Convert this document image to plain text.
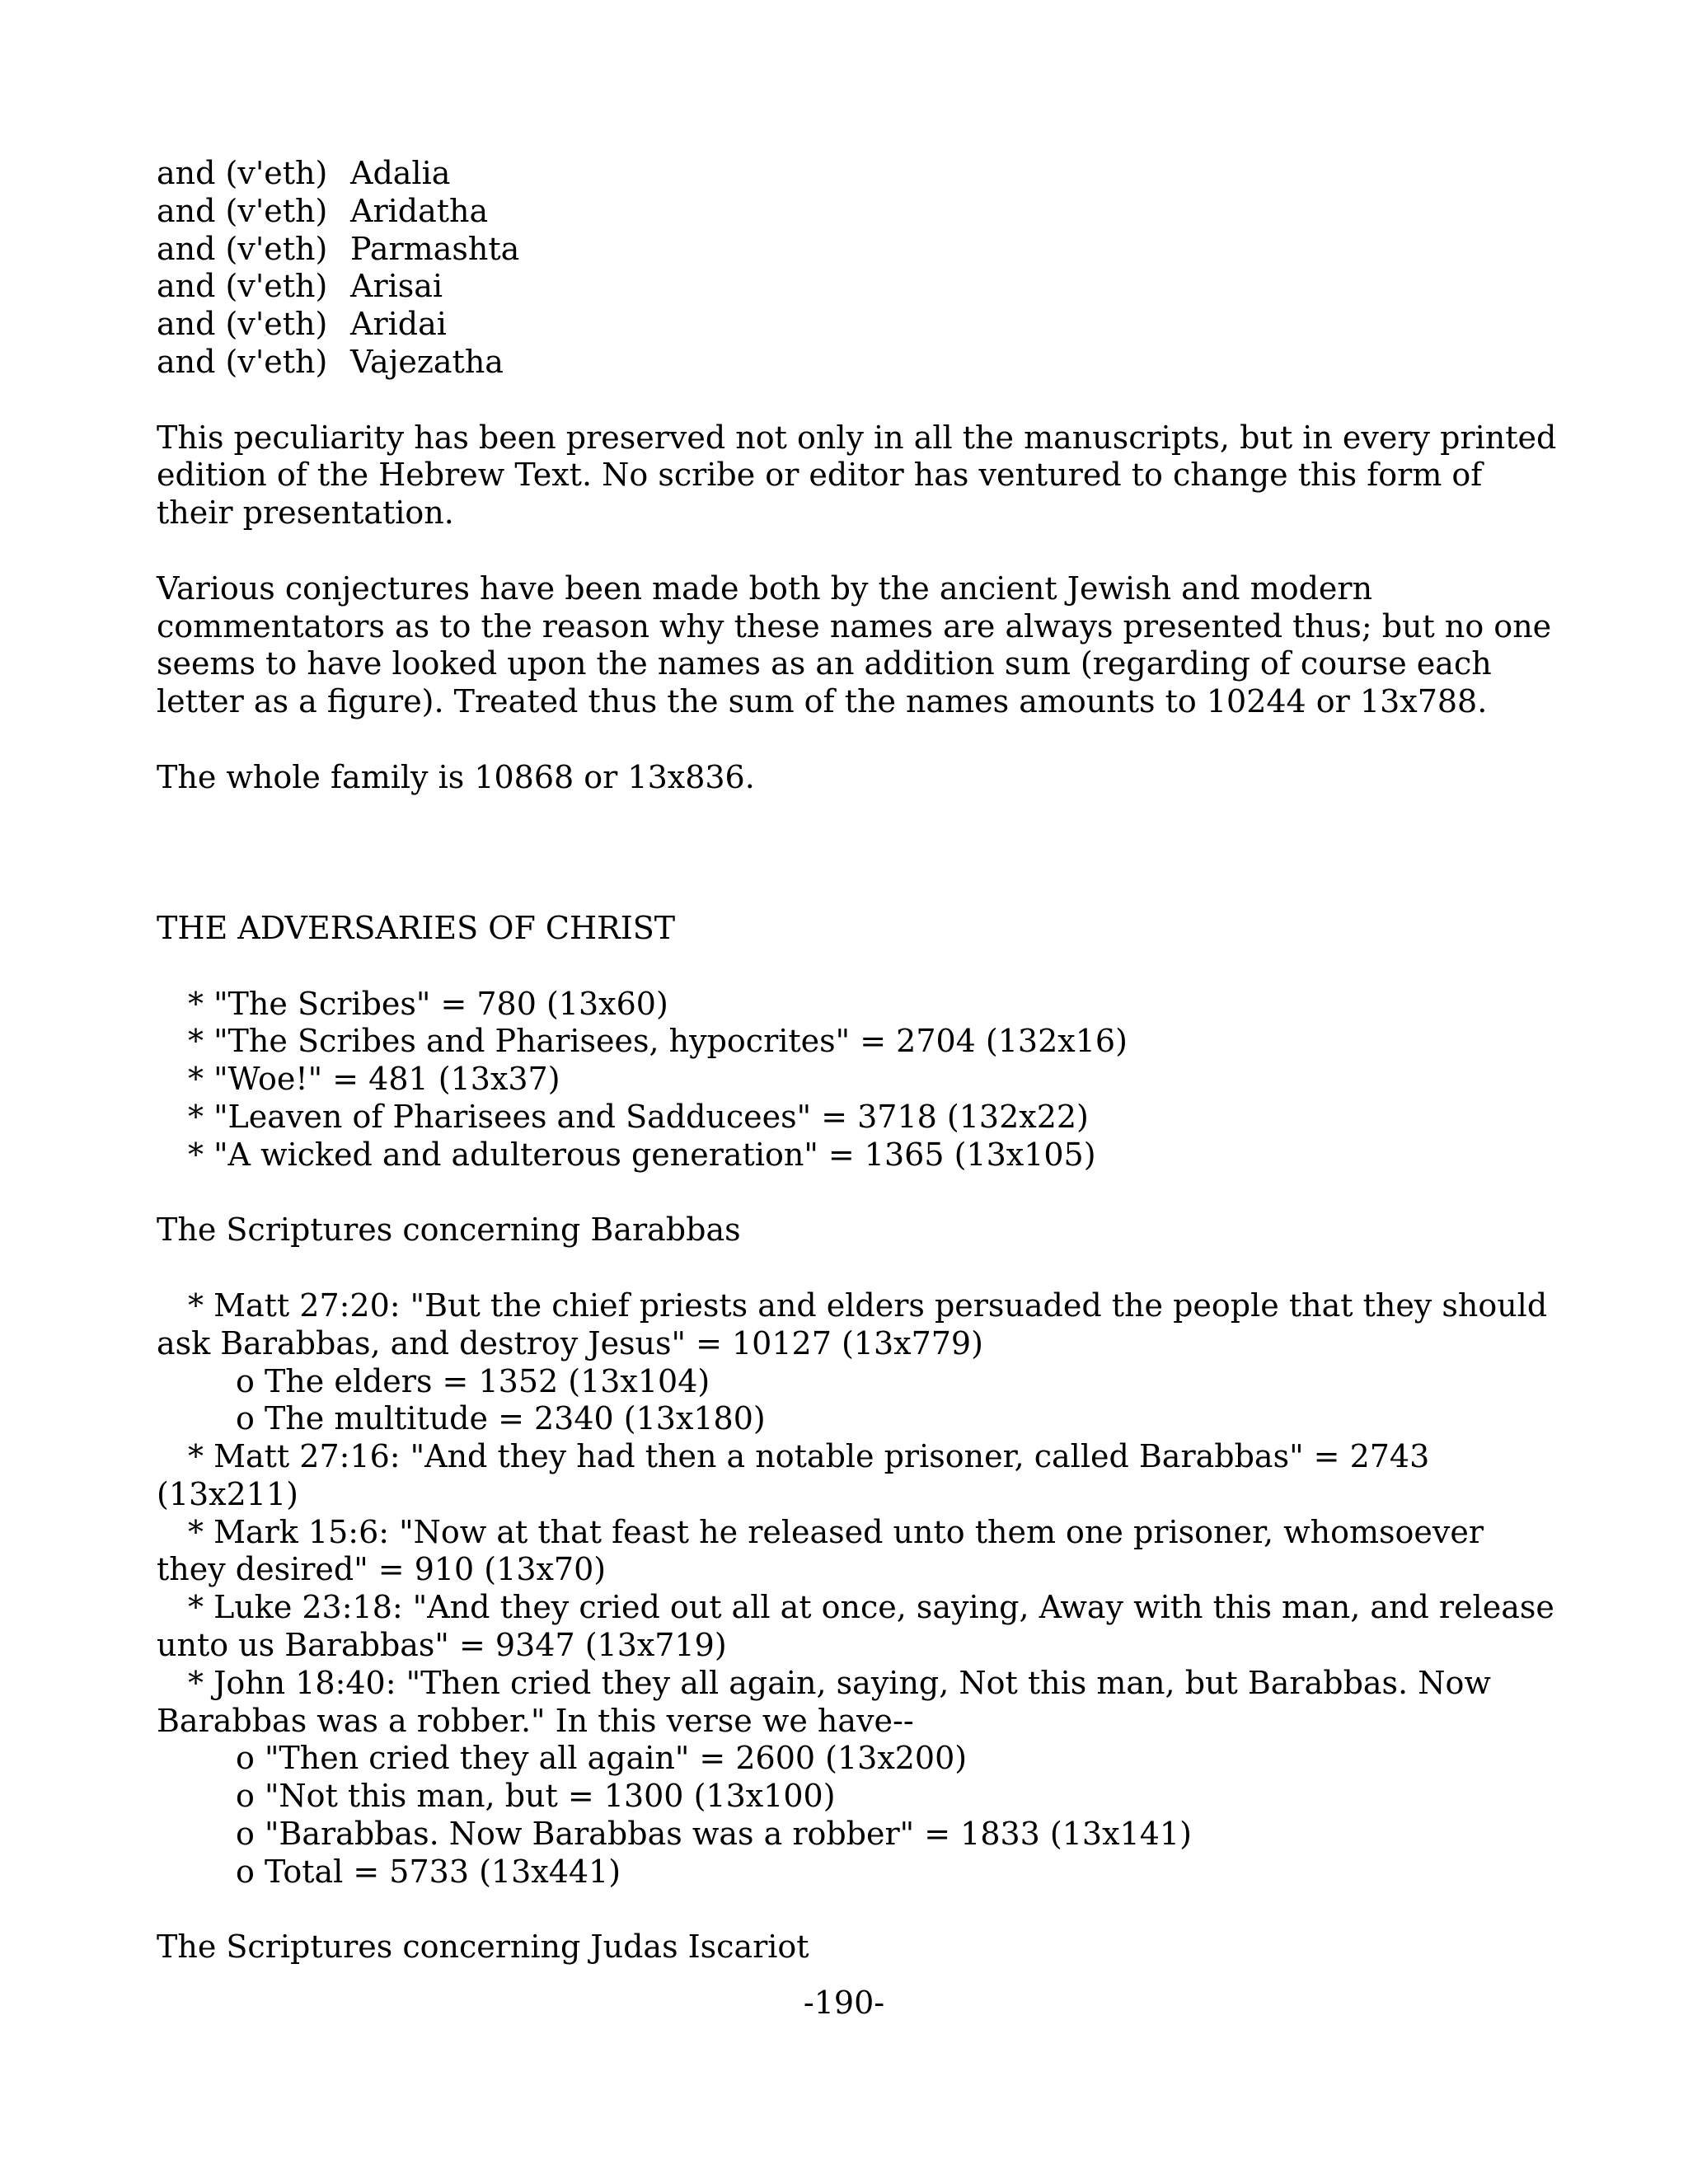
and (v'eth) Adalia
and (v'eth) Aridatha
and (v'eth) Parmashta
and (v'eth) Arisai
and (v'eth) Aridai
and (v'eth) Vajezatha

This peculiarity has been preserved not only in all the manuscripts, but in every printed edition of the Hebrew Text. No scribe or editor has ventured to change this form of their presentation.

Various conjectures have been made both by the ancient Jewish and modern commentators as to the reason why these names are always presented thus; but no one seems to have looked upon the names as an addition sum (regarding of course each letter as a figure). Treated thus the sum of the names amounts to 10244 or 13x788.

The whole family is 10868 or 13x836.

THE ADVERSARIES OF CHRIST

* "The Scribes" = 780 (13x60)
* "The Scribes and Pharisees, hypocrites" = 2704 (132x16)
* "Woe!" = 481 (13x37)
* "Leaven of Pharisees and Sadducees" = 3718 (132x22)
* "A wicked and adulterous generation" = 1365 (13x105)

The Scriptures concerning Barabbas

* Matt 27:20: "But the chief priests and elders persuaded the people that they should ask Barabbas, and destroy Jesus" = 10127 (13x779)

o The elders = 1352 (13x104)

o The multitude = 2340 (13x180)

* Matt 27:16: "And they had then a notable prisoner, called Barabbas" = 2743 (13x211)

* Mark 15:6: "Now at that feast he released unto them one prisoner, whomsoever they desired" = 910 (13x70)

* Luke 23:18: "And they cried out all at once, saying, Away with this man, and release unto us Barabbas" = 9347 (13x719)

* John 18:40: "Then cried they all again, saying, Not this man, but Barabbas. Now Barabbas was a robber." In this verse we have--

o "Then cried they all again" = 2600 (13x200)

o "Not this man, but = 1300 (13x100)

o "Barabbas. Now Barabbas was a robber" = 1833 (13x141)

o Total = 5733 (13x441)

The Scriptures concerning Judas Iscariot

-190-
